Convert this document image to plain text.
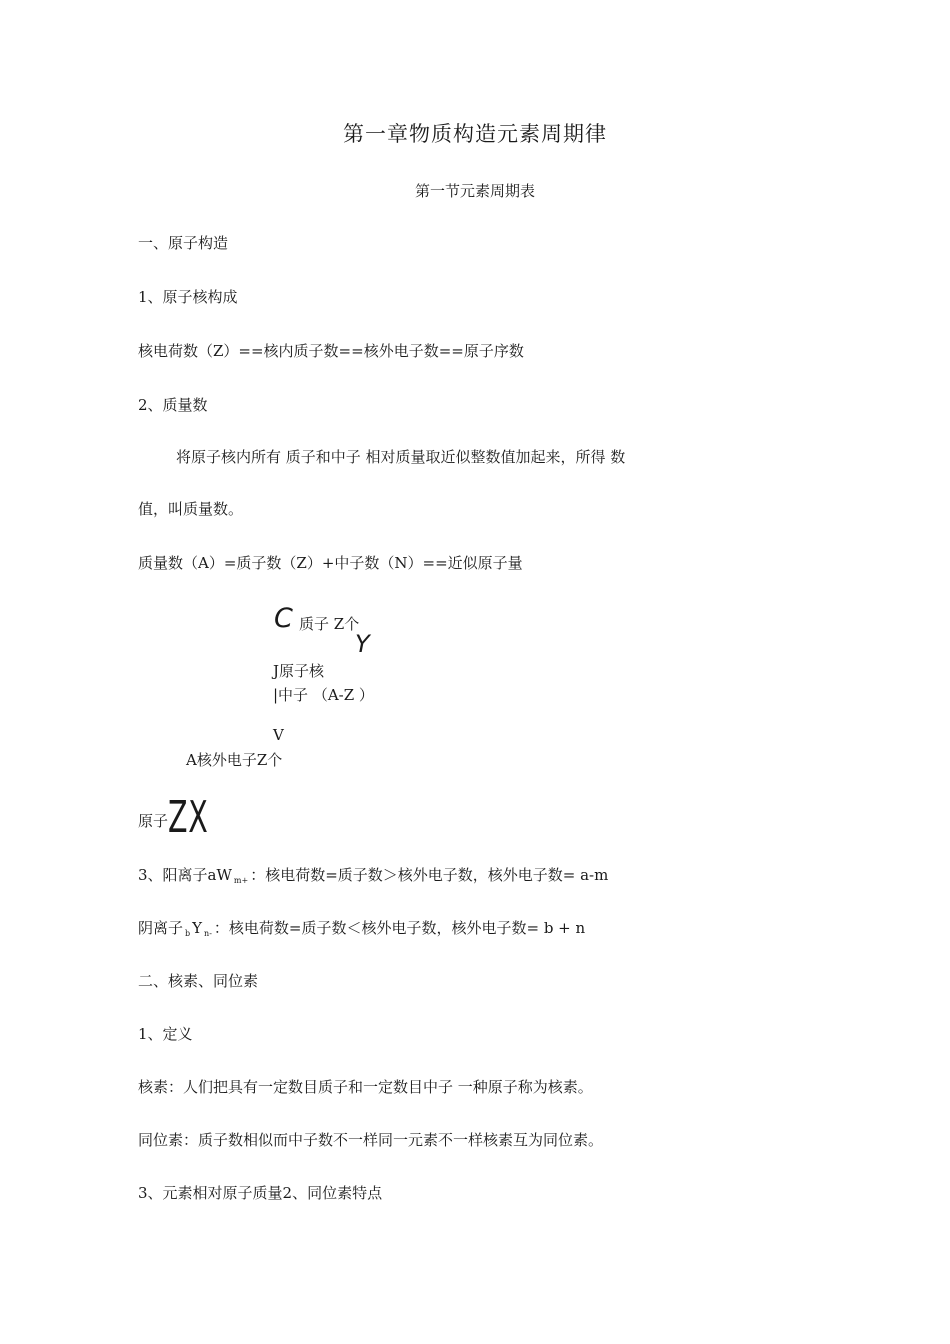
第一章物质构造元素周期律
第一节元素周期表
一、原子构造
1、原子核构成
核电荷数（Z）==核内质子数==核外电子数==原子序数
2、质量数
将原子核内所有 质子和中子 相对质量取近似整数值加起来，所得 数
值，叫质量数。
质量数（A）=质子数（Z）+中子数（N）==近似原子量
C 质子 Z个
Y
J原子核
|中子 （A-Z ）
V
A核外电子Z个
原子ZX
3、阳离子aW $_{m+}$ ：核电荷数=质子数＞核外电子数，核外电子数= a-m
阴离子 $_b$ Y $_{n-}$ ：核电荷数=质子数＜核外电子数，核外电子数= b + n
二、核素、同位素
1、定义
核素：人们把具有一定数目质子和一定数目中子 一种原子称为核素。
同位素：质子数相似而中子数不一样同一元素不一样核素互为同位素。
3、元素相对原子质量2、同位素特点
